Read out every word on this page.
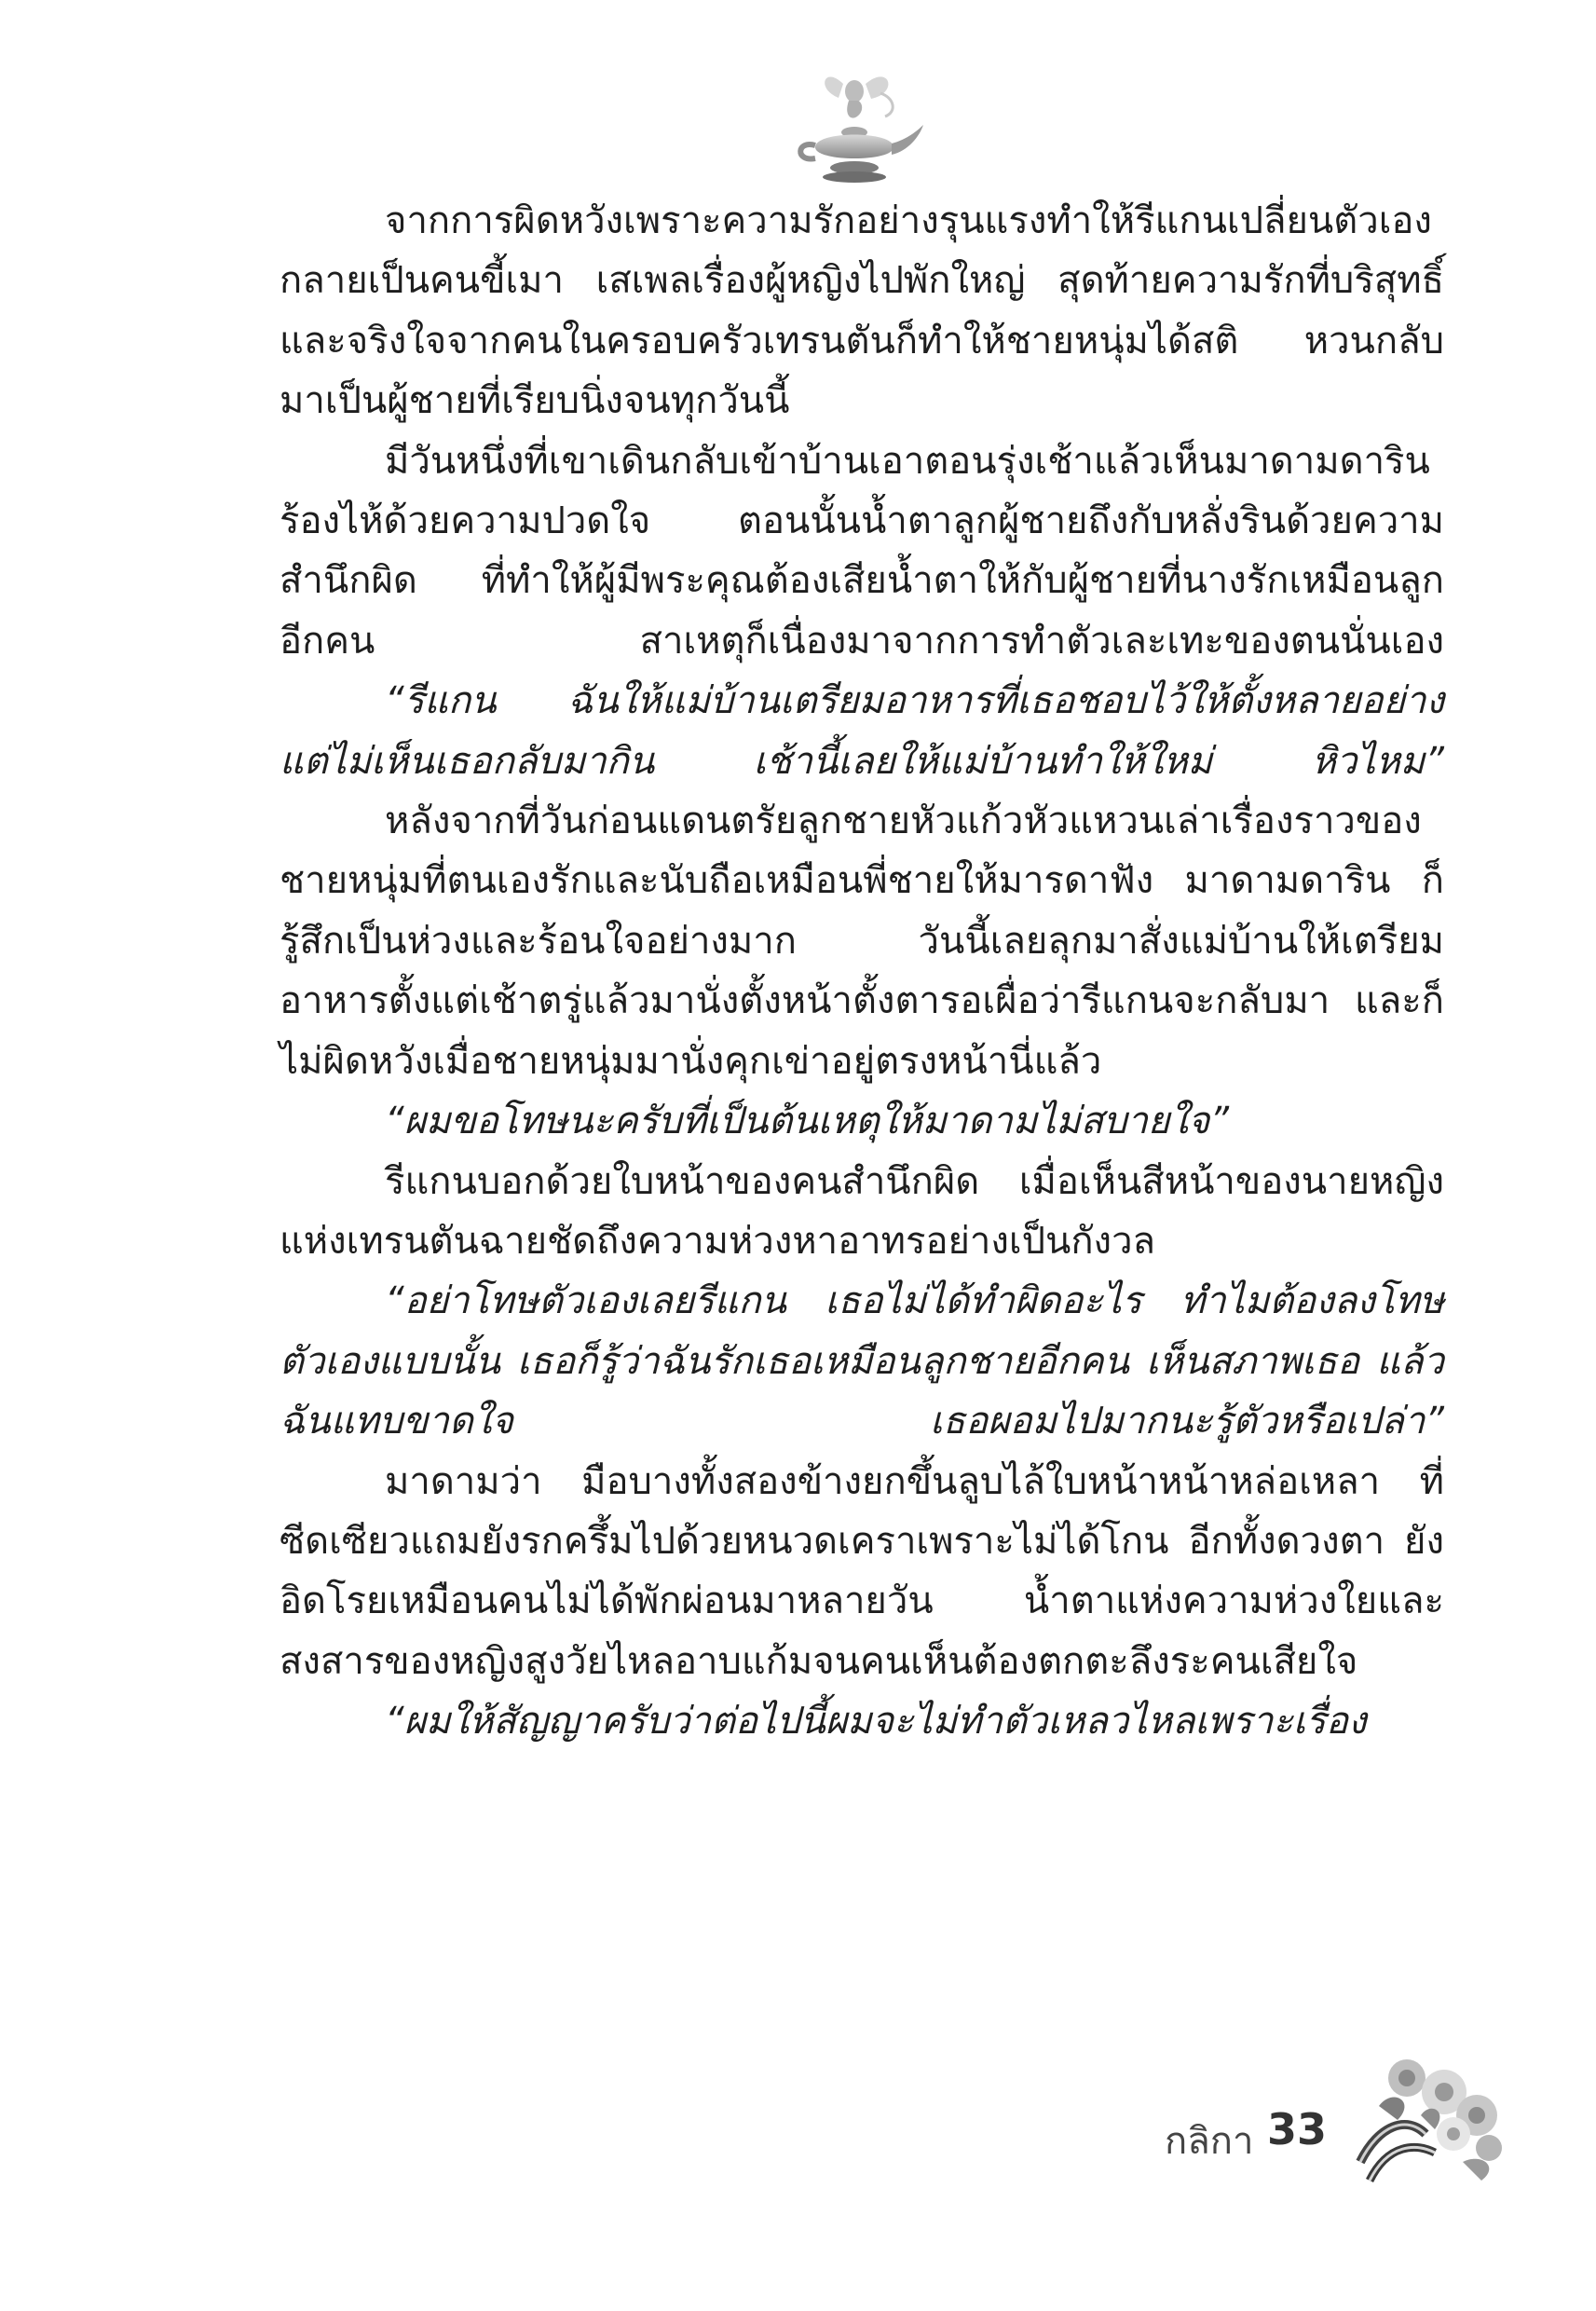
จากการผิดหวังเพราะความรักอย่างรุนแรงทำให้รีแกนเปลี่ยนตัวเอง กลายเป็นคนขี้เมา เสเพลเรื่องผู้หญิงไปพักใหญ่ สุดท้ายความรักที่บริสุทธิ์ และจริงใจจากคนในครอบครัวเทรนตันก็ทำให้ชายหนุ่มได้สติ หวนกลับ มาเป็นผู้ชายที่เรียบนิ่งจนทุกวันนี้

มีวันหนึ่งที่เขาเดินกลับเข้าบ้านเอาตอนรุ่งเช้าแล้วเห็นมาดามดาริน ร้องไห้ด้วยความปวดใจ ตอนนั้นน้ำตาลูกผู้ชายถึงกับหลั่งรินด้วยความ สำนึกผิด ที่ทำให้ผู้มีพระคุณต้องเสียน้ำตาให้กับผู้ชายที่นางรักเหมือนลูก อีกคน สาเหตุก็เนื่องมาจากการทำตัวเละเทะของตนนั่นเอง

“รีแกน ฉันให้แม่บ้านเตรียมอาหารที่เธอชอบไว้ให้ตั้งหลายอย่าง แต่ไม่เห็นเธอกลับมากิน เช้านี้เลยให้แม่บ้านทำให้ใหม่ หิวไหม”

หลังจากที่วันก่อนแดนตรัยลูกชายหัวแก้วหัวแหวนเล่าเรื่องราวของ ชายหนุ่มที่ตนเองรักและนับถือเหมือนพี่ชายให้มารดาฟัง มาดามดาริน ก็รู้สึกเป็นห่วงและร้อนใจอย่างมาก วันนี้เลยลุกมาสั่งแม่บ้านให้เตรียม อาหารตั้งแต่เช้าตรู่แล้วมานั่งตั้งหน้าตั้งตารอเผื่อว่ารีแกนจะกลับมา และก็ ไม่ผิดหวังเมื่อชายหนุ่มมานั่งคุกเข่าอยู่ตรงหน้านี่แล้ว

“ผมขอโทษนะครับที่เป็นต้นเหตุให้มาดามไม่สบายใจ”

รีแกนบอกด้วยใบหน้าของคนสำนึกผิด เมื่อเห็นสีหน้าของนายหญิง แห่งเทรนตันฉายชัดถึงความห่วงหาอาทรอย่างเป็นกังวล

“อย่าโทษตัวเองเลยรีแกน เธอไม่ได้ทำผิดอะไร ทำไมต้องลงโทษ ตัวเองแบบนั้น เธอก็รู้ว่าฉันรักเธอเหมือนลูกชายอีกคน เห็นสภาพเธอ แล้วฉันแทบขาดใจ เธอผอมไปมากนะรู้ตัวหรือเปล่า”

มาดามว่า มือบางทั้งสองข้างยกขึ้นลูบไล้ใบหน้าหน้าหล่อเหลา ที่ซีดเซียวแถมยังรกครึ้มไปด้วยหนวดเคราเพราะไม่ได้โกน อีกทั้งดวงตา ยังอิดโรยเหมือนคนไม่ได้พักผ่อนมาหลายวัน น้ำตาแห่งความห่วงใยและ สงสารของหญิงสูงวัยไหลอาบแก้มจนคนเห็นต้องตกตะลึงระคนเสียใจ

“ผมให้สัญญาครับว่าต่อไปนี้ผมจะไม่ทำตัวเหลวไหลเพราะเรื่อง

กลิกา 33
